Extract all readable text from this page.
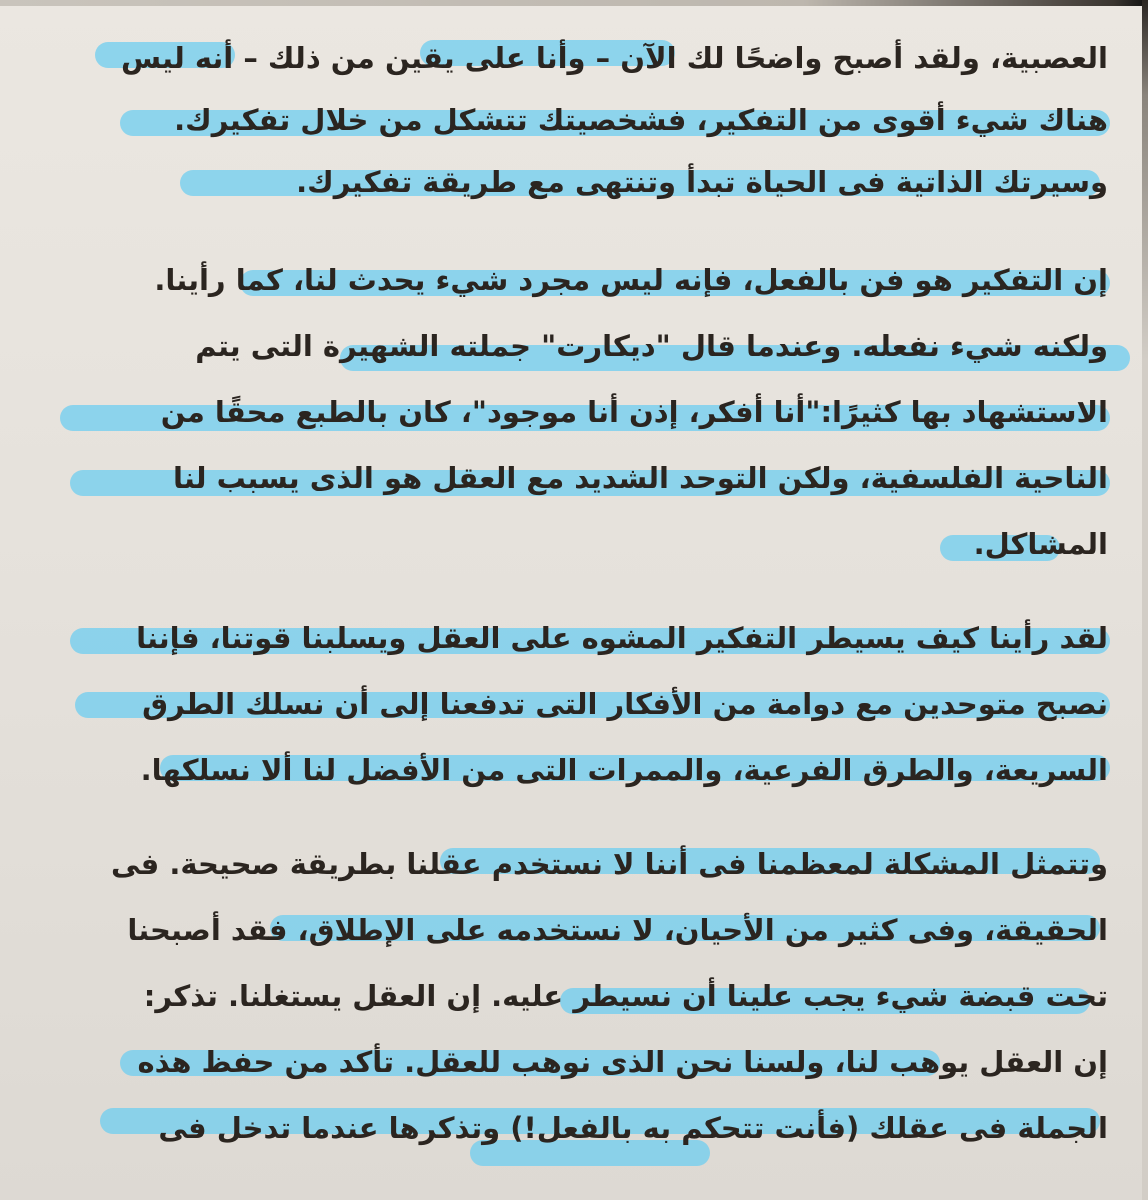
العصبية، ولقد أصبح واضحًا لك الآن – وأنا على يقين من ذلك – أنه ليس
هناك شيء أقوى من التفكير، فشخصيتك تتشكل من خلال تفكيرك.
وسيرتك الذاتية فى الحياة تبدأ وتنتهى مع طريقة تفكيرك.
إن التفكير هو فن بالفعل، فإنه ليس مجرد شيء يحدث لنا، كما رأينا.
ولكنه شيء نفعله. وعندما قال "ديكارت" جملته الشهيرة التى يتم
الاستشهاد بها كثيرًا:"أنا أفكر، إذن أنا موجود"، كان بالطبع محقًا من
الناحية الفلسفية، ولكن التوحد الشديد مع العقل هو الذى يسبب لنا
المشاكل.
لقد رأينا كيف يسيطر التفكير المشوه على العقل ويسلبنا قوتنا، فإننا
نصبح متوحدين مع دوامة من الأفكار التى تدفعنا إلى أن نسلك الطرق
السريعة، والطرق الفرعية، والممرات التى من الأفضل لنا ألا نسلكها.
وتتمثل المشكلة لمعظمنا فى أننا لا نستخدم عقلنا بطريقة صحيحة. فى
الحقيقة، وفى كثير من الأحيان، لا نستخدمه على الإطلاق، فقد أصبحنا
تحت قبضة شيء يجب علينا أن نسيطر عليه. إن العقل يستغلنا. تذكر:
إن العقل يوهب لنا، ولسنا نحن الذى نوهب للعقل. تأكد من حفظ هذه
الجملة فى عقلك (فأنت تتحكم به بالفعل!) وتذكرها عندما تدخل فى
